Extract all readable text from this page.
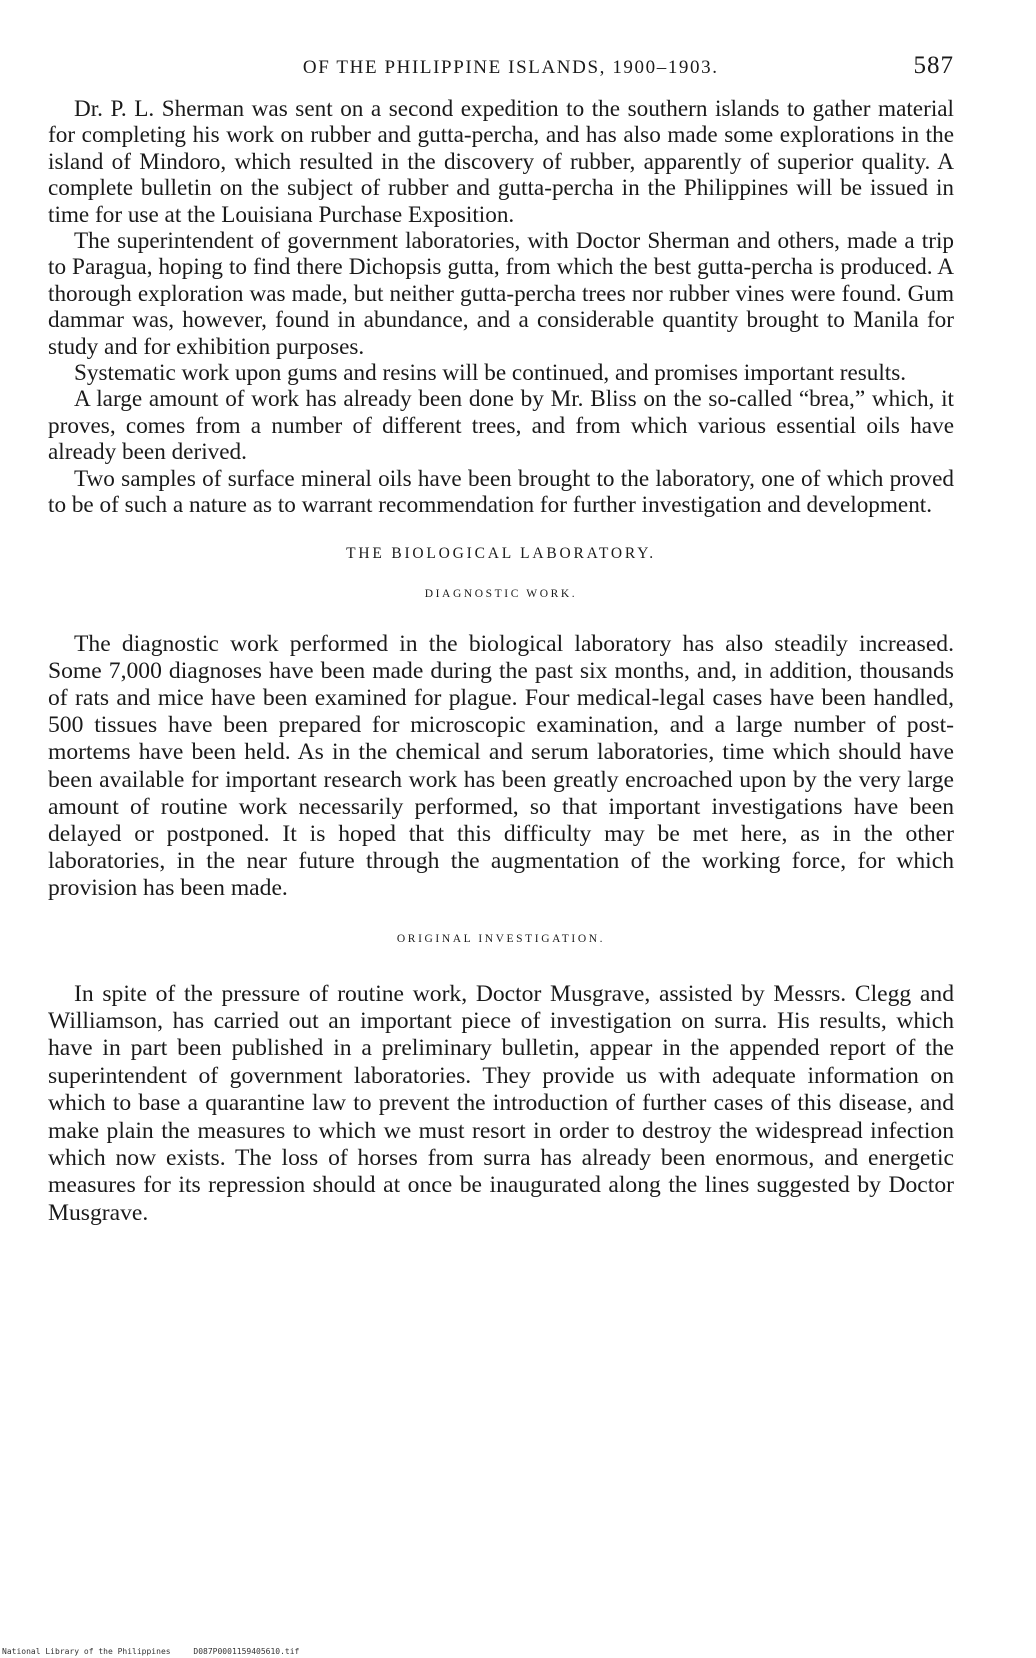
OF THE PHILIPPINE ISLANDS, 1900–1903.	587

Dr. P. L. Sherman was sent on a second expedition to the southern islands to gather material for completing his work on rubber and gutta-percha, and has also made some explorations in the island of Mindoro, which resulted in the discovery of rubber, apparently of superior quality. A complete bulletin on the subject of rubber and gutta-percha in the Philippines will be issued in time for use at the Louisiana Purchase Exposition.

The superintendent of government laboratories, with Doctor Sherman and others, made a trip to Paragua, hoping to find there Dichopsis gutta, from which the best gutta-percha is produced. A thorough exploration was made, but neither gutta-percha trees nor rubber vines were found. Gum dammar was, however, found in abundance, and a considerable quantity brought to Manila for study and for exhibition purposes.

Systematic work upon gums and resins will be continued, and promises important results.

A large amount of work has already been done by Mr. Bliss on the so-called “brea,” which, it proves, comes from a number of different trees, and from which various essential oils have already been derived.

Two samples of surface mineral oils have been brought to the laboratory, one of which proved to be of such a nature as to warrant recommendation for further investigation and development.

THE BIOLOGICAL LABORATORY.
DIAGNOSTIC WORK.

The diagnostic work performed in the biological laboratory has also steadily increased. Some 7,000 diagnoses have been made during the past six months, and, in addition, thousands of rats and mice have been examined for plague. Four medical-legal cases have been handled, 500 tissues have been prepared for microscopic examination, and a large number of post-mortems have been held. As in the chemical and serum laboratories, time which should have been available for important research work has been greatly encroached upon by the very large amount of routine work necessarily performed, so that important investigations have been delayed or postponed. It is hoped that this difficulty may be met here, as in the other laboratories, in the near future through the augmentation of the working force, for which provision has been made.

ORIGINAL INVESTIGATION.

In spite of the pressure of routine work, Doctor Musgrave, assisted by Messrs. Clegg and Williamson, has carried out an important piece of investigation on surra. His results, which have in part been published in a preliminary bulletin, appear in the appended report of the superintendent of government laboratories. They provide us with adequate information on which to base a quarantine law to prevent the introduction of further cases of this disease, and make plain the measures to which we must resort in order to destroy the widespread infection which now exists. The loss of horses from surra has already been enormous, and energetic measures for its repression should at once be inaugurated along the lines suggested by Doctor Musgrave.

National Library of the Philippines	D087P0001159405610.tif
